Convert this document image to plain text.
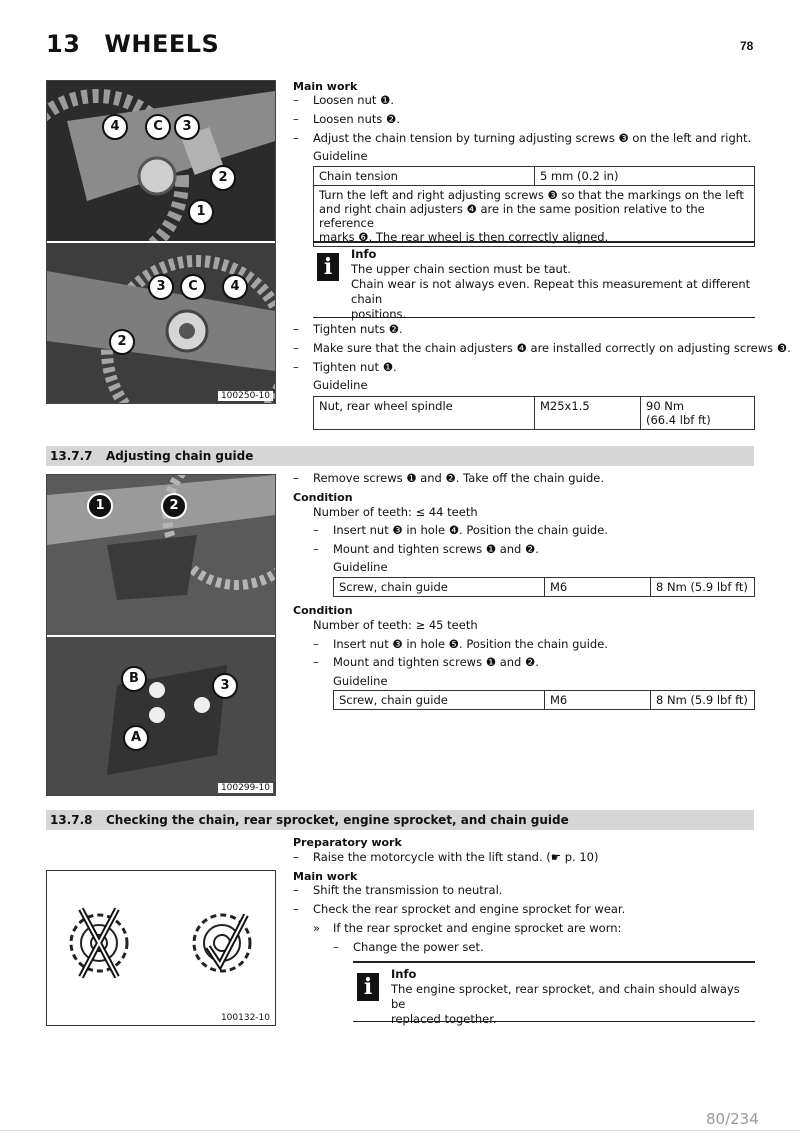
13 WHEELS	78
4	C	3
2
1
3	C	4
2
100250-10
Main work
– Loosen nut ❶.
– Loosen nuts ❷.
– Adjust the chain tension by turning adjusting screws ❸ on the left and right.
Guideline
Chain tension	5 mm (0.2 in)

Turn the left and right adjusting screws ❸ so that the markings on the left
and right chain adjusters ❹ are in the same position relative to the reference
marks ❻. The rear wheel is then correctly aligned.
i	Info
The upper chain section must be taut.
Chain wear is not always even. Repeat this measurement at different chain
positions.
– Tighten nuts ❷.
– Make sure that the chain adjusters ❹ are installed correctly on adjusting screws ❸.
– Tighten nut ❶.
Guideline
Nut, rear wheel spindle	M25x1.5	90 Nm
(66.4 lbf ft)
13.7.7 Adjusting chain guide
1	2
B	3
A
100299-10
– Remove screws ❶ and ❷. Take off the chain guide.
Condition
Number of teeth: ≤ 44 teeth
– Insert nut ❸ in hole ❹. Position the chain guide.
– Mount and tighten screws ❶ and ❷.
Guideline
Screw, chain guide	M6	8 Nm (5.9 lbf ft)
Condition
Number of teeth: ≥ 45 teeth
– Insert nut ❸ in hole ❺. Position the chain guide.
– Mount and tighten screws ❶ and ❷.
Guideline
Screw, chain guide	M6	8 Nm (5.9 lbf ft)
13.7.8 Checking the chain, rear sprocket, engine sprocket, and chain guide
100132-10
Preparatory work
– Raise the motorcycle with the lift stand. (☛ p. 10)
Main work
– Shift the transmission to neutral.
– Check the rear sprocket and engine sprocket for wear.
» If the rear sprocket and engine sprocket are worn:
– Change the power set.
i	Info
The engine sprocket, rear sprocket, and chain should always be
replaced together.
80/234
